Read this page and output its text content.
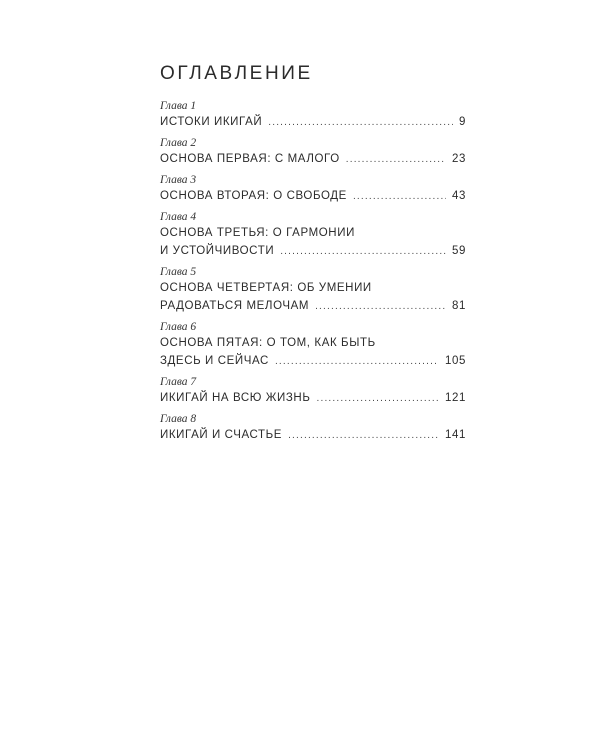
ОГЛАВЛЕНИЕ
Глава 1
ИСТОКИ ИКИГАЙ .....	9
Глава 2
ОСНОВА ПЕРВАЯ: С МАЛОГО .....	23
Глава 3
ОСНОВА ВТОРАЯ: О СВОБОДЕ .....	43
Глава 4
ОСНОВА ТРЕТЬЯ: О ГАРМОНИИ
И УСТОЙЧИВОСТИ .....	59
Глава 5
ОСНОВА ЧЕТВЕРТАЯ: ОБ УМЕНИИ
РАДОВАТЬСЯ МЕЛОЧАМ .....	81
Глава 6
ОСНОВА ПЯТАЯ: О ТОМ, КАК БЫТЬ
ЗДЕСЬ И СЕЙЧАС .....	105
Глава 7
ИКИГАЙ НА ВСЮ ЖИЗНЬ .....	121
Глава 8
ИКИГАЙ И СЧАСТЬЕ .....	141
